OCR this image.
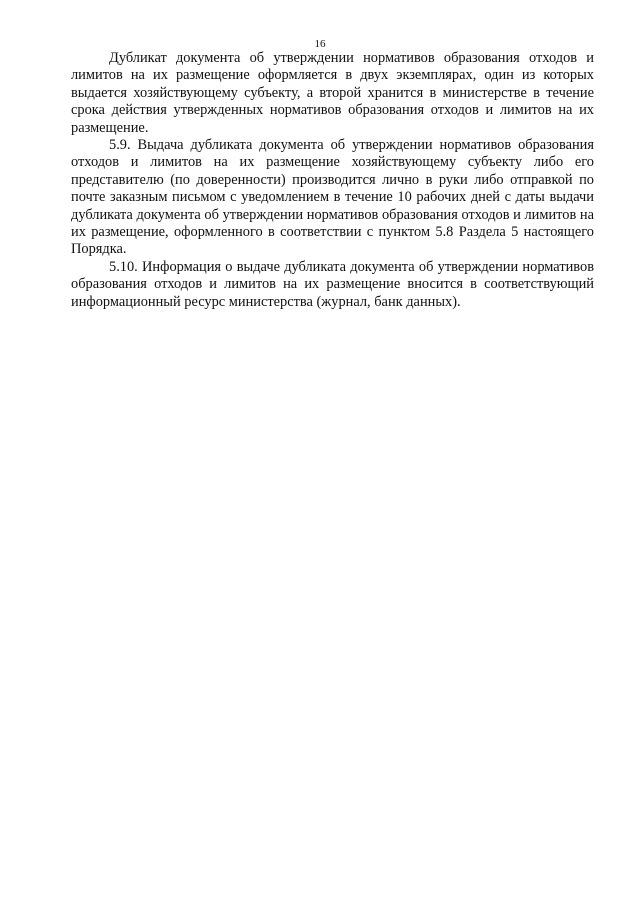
16

Дубликат документа об утверждении нормативов образования отходов и лимитов на их размещение оформляется в двух экземплярах, один из которых выдается хозяйствующему субъекту, а второй хранится в министерстве в течение срока действия утвержденных нормативов образования отходов и лимитов на их размещение.

5.9. Выдача дубликата документа об утверждении нормативов образования отходов и лимитов на их размещение хозяйствующему субъекту либо его представителю (по доверенности) производится лично в руки либо отправкой по почте заказным письмом с уведомлением в течение 10 рабочих дней с даты выдачи дубликата документа об утверждении нормативов образования отходов и лимитов на их размещение, оформленного в соответствии с пунктом 5.8 Раздела 5 настоящего Порядка.

5.10. Информация о выдаче дубликата документа об утверждении нормативов образования отходов и лимитов на их размещение вносится в соответствующий информационный ресурс министерства (журнал, банк данных).
